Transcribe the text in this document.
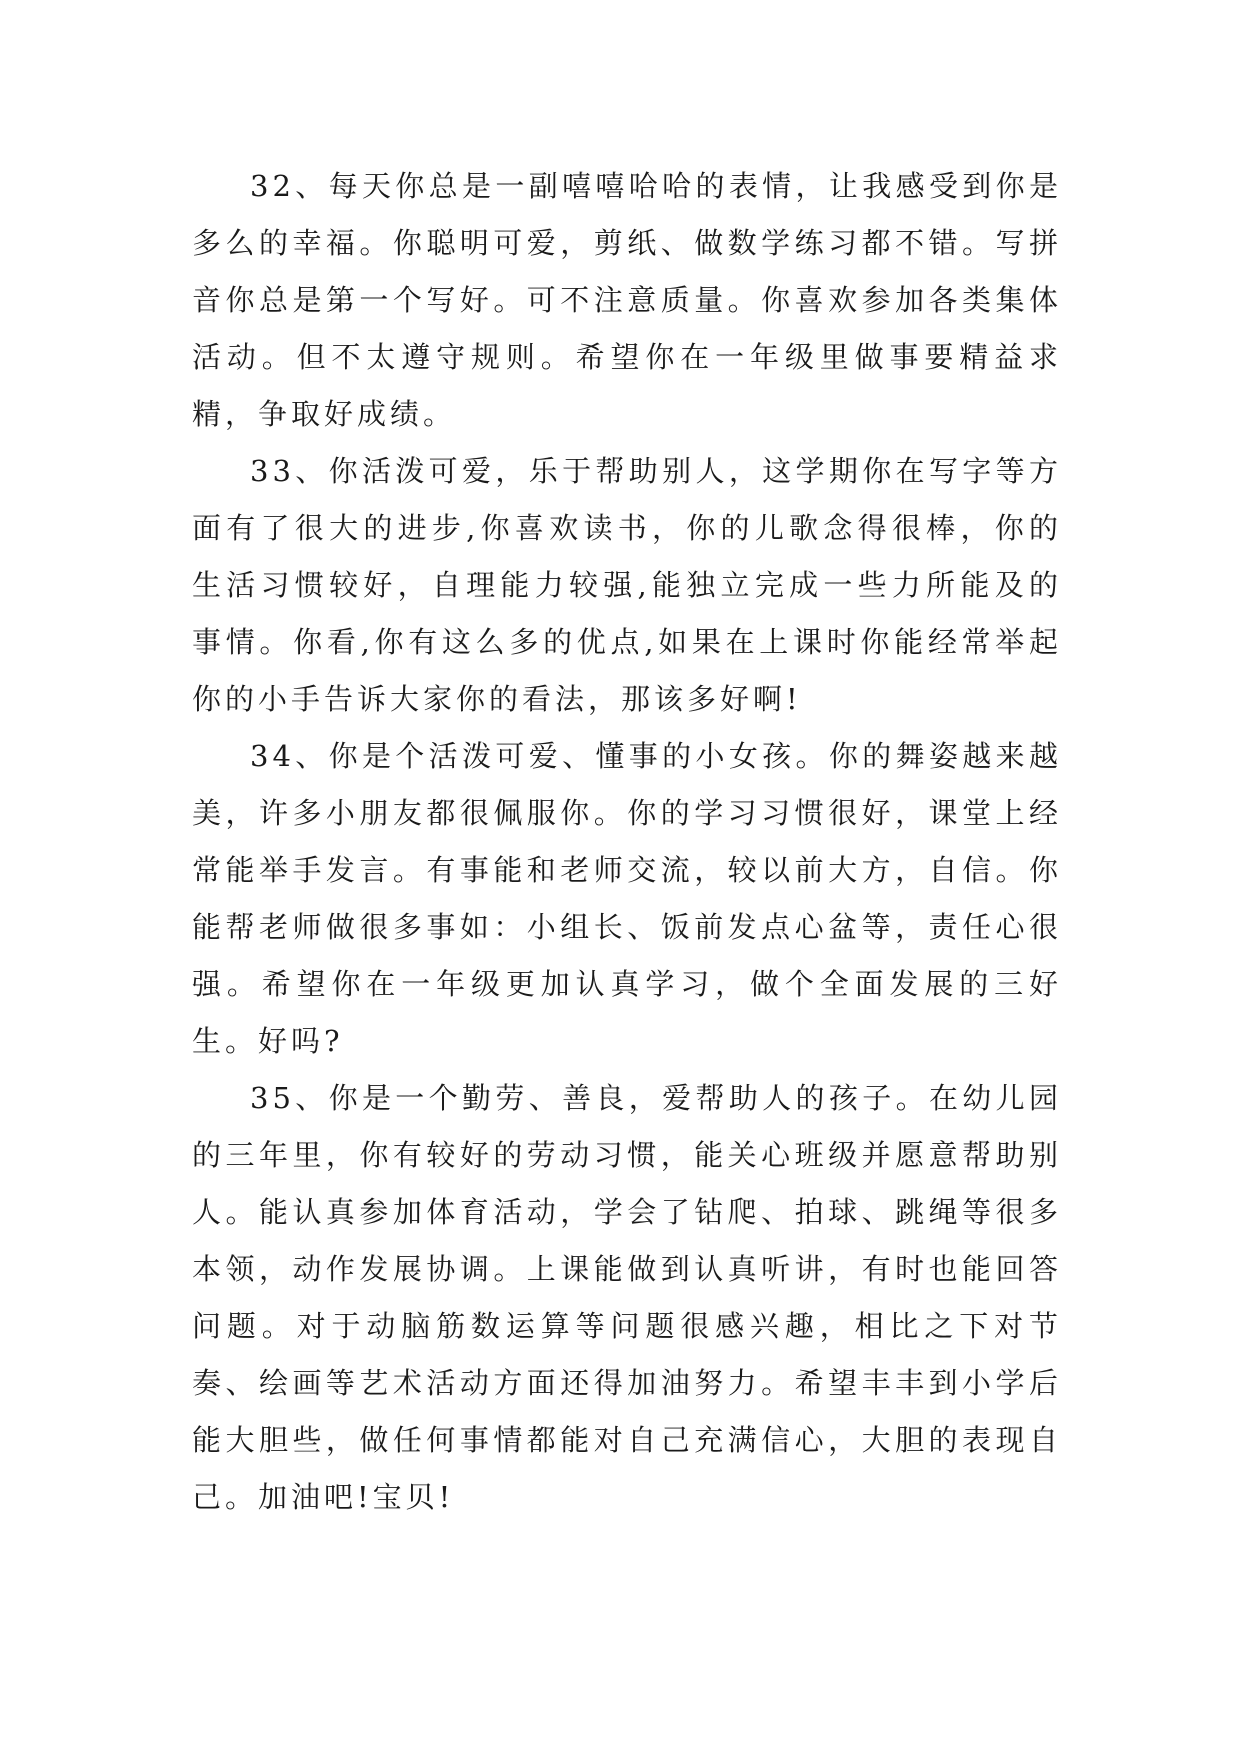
32、每天你总是一副嘻嘻哈哈的表情，让我感受到你是多么的幸福。你聪明可爱，剪纸、做数学练习都不错。写拼音你总是第一个写好。可不注意质量。你喜欢参加各类集体活动。但不太遵守规则。希望你在一年级里做事要精益求精，争取好成绩。

33、你活泼可爱，乐于帮助别人，这学期你在写字等方面有了很大的进步,你喜欢读书，你的儿歌念得很棒，你的生活习惯较好，自理能力较强,能独立完成一些力所能及的事情。你看,你有这么多的优点,如果在上课时你能经常举起你的小手告诉大家你的看法，那该多好啊!

34、你是个活泼可爱、懂事的小女孩。你的舞姿越来越美，许多小朋友都很佩服你。你的学习习惯很好，课堂上经常能举手发言。有事能和老师交流，较以前大方，自信。你能帮老师做很多事如：小组长、饭前发点心盆等，责任心很强。希望你在一年级更加认真学习，做个全面发展的三好生。好吗?

35、你是一个勤劳、善良，爱帮助人的孩子。在幼儿园的三年里，你有较好的劳动习惯，能关心班级并愿意帮助别人。能认真参加体育活动，学会了钻爬、拍球、跳绳等很多本领，动作发展协调。上课能做到认真听讲，有时也能回答问题。对于动脑筋数运算等问题很感兴趣，相比之下对节奏、绘画等艺术活动方面还得加油努力。希望丰丰到小学后能大胆些，做任何事情都能对自己充满信心，大胆的表现自己。加油吧!宝贝!
